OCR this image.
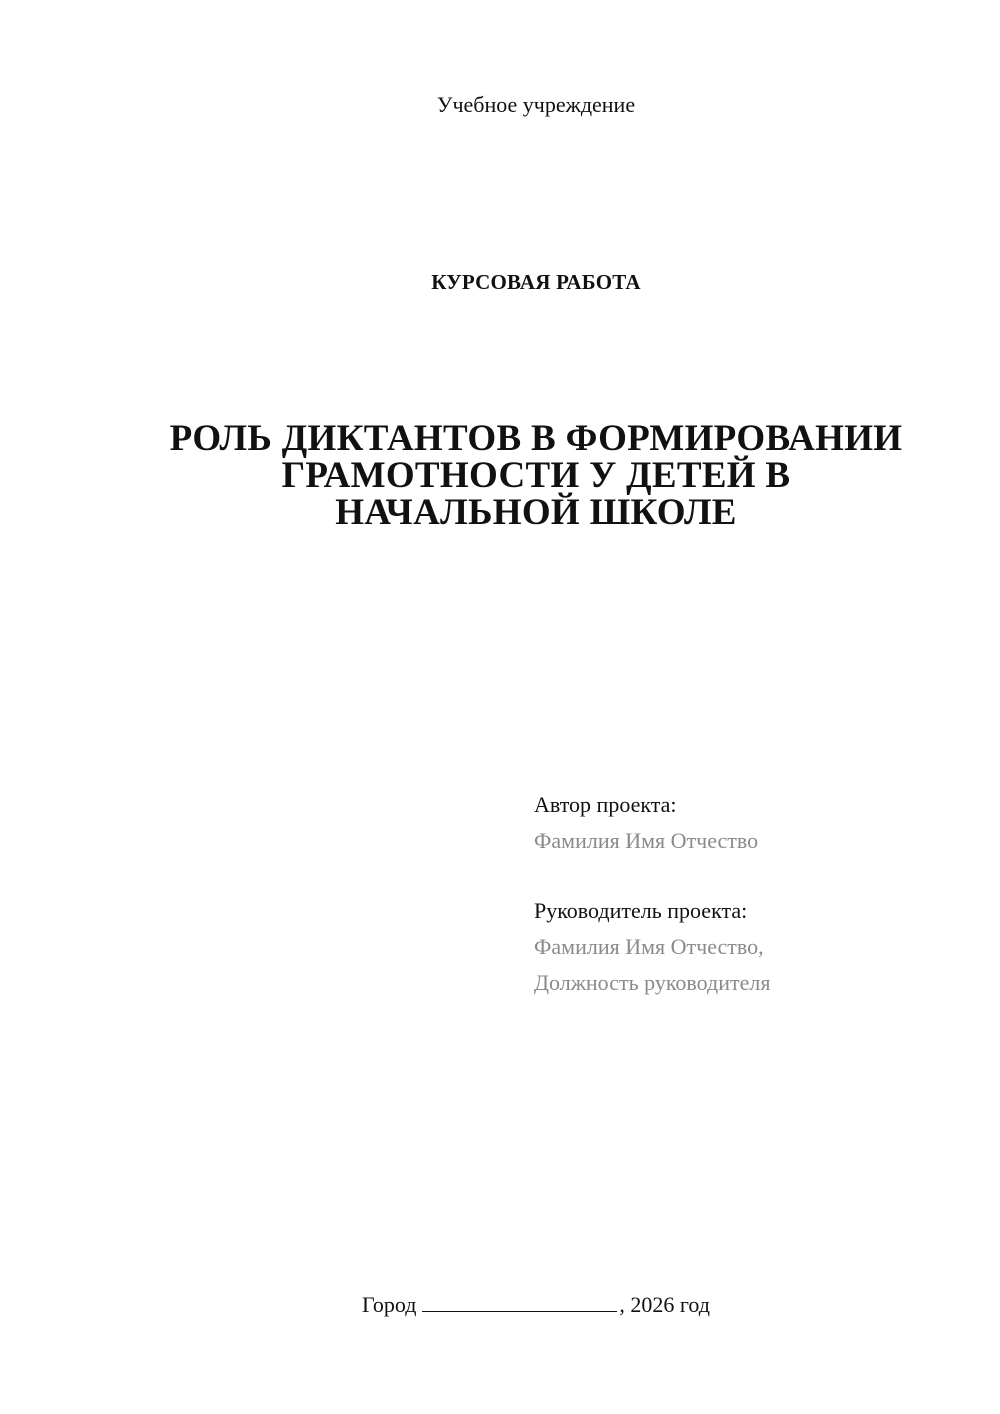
Учебное учреждение
КУРСОВАЯ РАБОТА
РОЛЬ ДИКТАНТОВ В ФОРМИРОВАНИИ
ГРАМОТНОСТИ У ДЕТЕЙ В
НАЧАЛЬНОЙ ШКОЛЕ
Автор проекта:
Фамилия Имя Отчество
Руководитель проекта:
Фамилия Имя Отчество,
Должность руководителя
Город	, 2026 год
